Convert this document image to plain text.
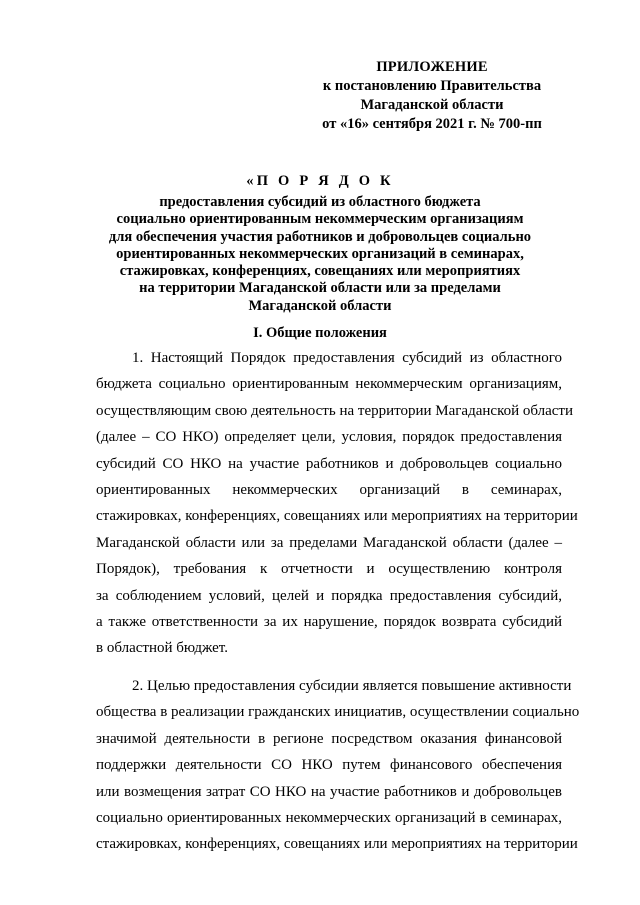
ПРИЛОЖЕНИЕ
к постановлению Правительства
Магаданской области
от «16» сентября 2021 г. № 700-пп
«П О Р Я Д О К
предоставления субсидий из областного бюджета
социально ориентированным некоммерческим организациям
для обеспечения участия работников и добровольцев социально
ориентированных некоммерческих организаций в семинарах,
стажировках, конференциях, совещаниях или мероприятиях
на территории Магаданской области или за пределами
Магаданской области
I. Общие положения
1. Настоящий Порядок предоставления субсидий из областного
бюджета социально ориентированным некоммерческим организациям,
осуществляющим свою деятельность на территории Магаданской области
(далее – СО НКО) определяет цели, условия, порядок предоставления
субсидий СО НКО на участие работников и добровольцев социально
ориентированных некоммерческих организаций в семинарах,
стажировках, конференциях, совещаниях или мероприятиях на территории
Магаданской области или за пределами Магаданской области (далее –
Порядок), требования к отчетности и осуществлению контроля
за соблюдением условий, целей и порядка предоставления субсидий,
а также ответственности за их нарушение, порядок возврата субсидий
в областной бюджет.
2. Целью предоставления субсидии является повышение активности
общества в реализации гражданских инициатив, осуществлении социально
значимой деятельности в регионе посредством оказания финансовой
поддержки деятельности СО НКО путем финансового обеспечения
или возмещения затрат СО НКО на участие работников и добровольцев
социально ориентированных некоммерческих организаций в семинарах,
стажировках, конференциях, совещаниях или мероприятиях на территории
